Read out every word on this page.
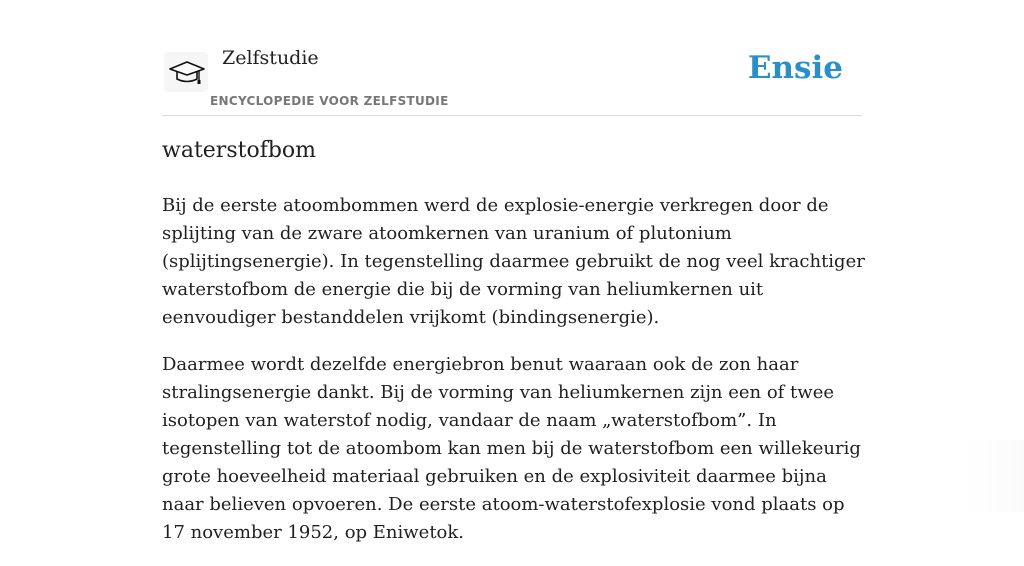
Zelfstudie
ENCYCLOPEDIE VOOR ZELFSTUDIE
Ensie
waterstofbom

Bij de eerste atoombommen werd de explosie-energie verkregen door de splijting van de zware atoomkernen van uranium of plutonium (splijtingsenergie). In tegenstelling daarmee gebruikt de nog veel krachtiger waterstofbom de energie die bij de vorming van heliumkernen uit eenvoudiger bestanddelen vrijkomt (bindingsenergie).

Daarmee wordt dezelfde energiebron benut waaraan ook de zon haar stralingsenergie dankt. Bij de vorming van heliumkernen zijn een of twee isotopen van waterstof nodig, vandaar de naam „waterstofbom”. In tegenstelling tot de atoombom kan men bij de waterstofbom een willekeurig grote hoeveelheid materiaal gebruiken en de explosiviteit daarmee bijna naar believen opvoeren. De eerste atoom-waterstofexplosie vond plaats op 17 november 1952, op Eniwetok.
